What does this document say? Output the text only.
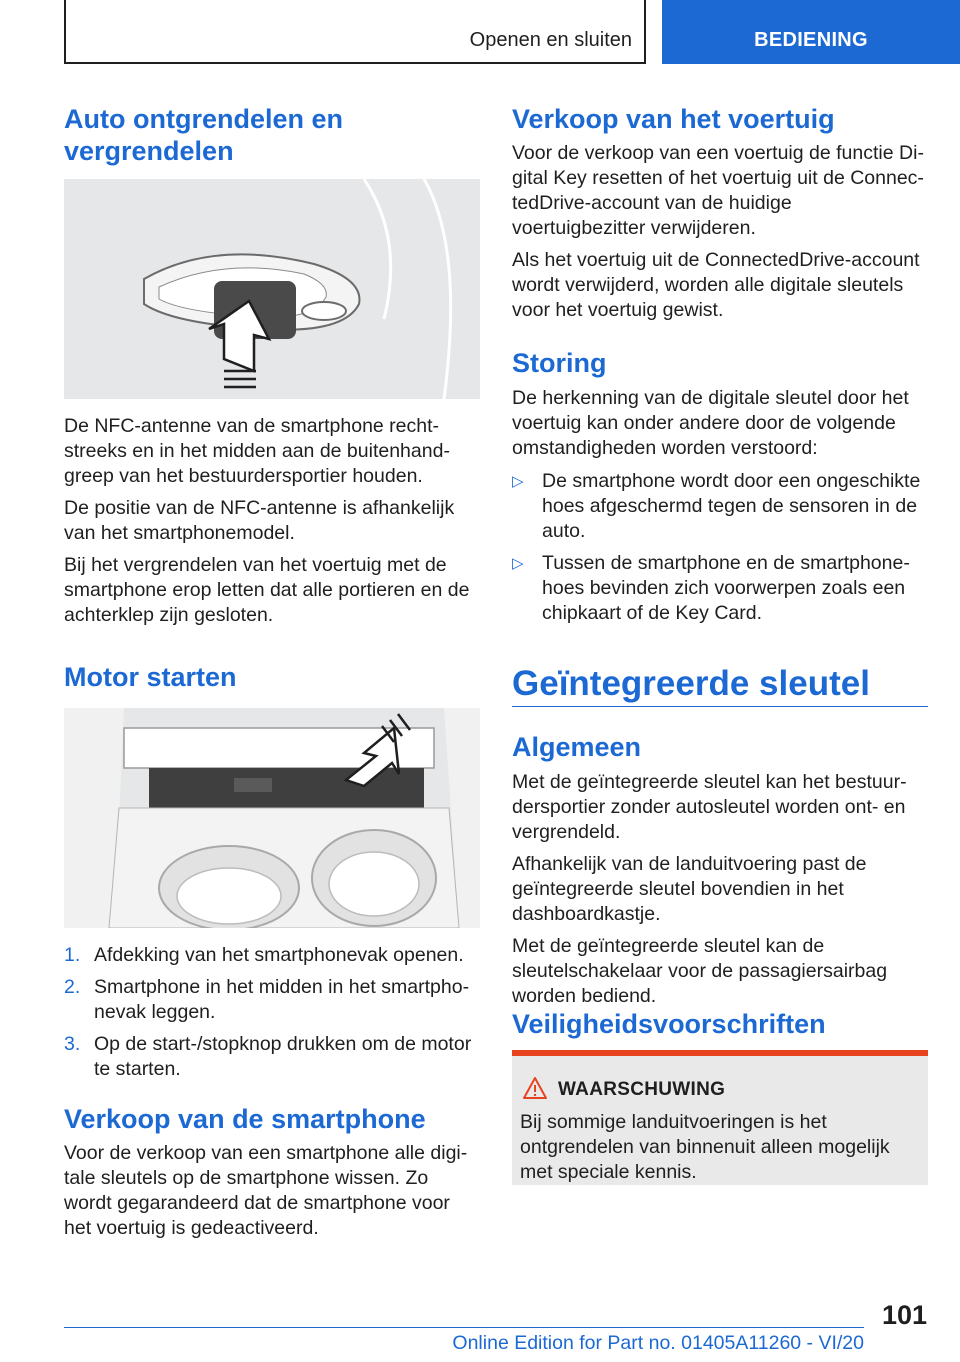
Openen en sluiten	BEDIENING
Auto ontgrendelen en vergrendelen

De NFC-antenne van de smartphone rechtstreeks en in het midden aan de buitenhandgreep van het bestuurdersportier houden.

De positie van de NFC-antenne is afhankelijk van het smartphonemodel.

Bij het vergrendelen van het voertuig met de smartphone erop letten dat alle portieren en de achterklep zijn gesloten.

Motor starten
1. Afdekking van het smartphonevak openen.
2. Smartphone in het midden in het smartphonevak leggen.
3. Op de start-/stopknop drukken om de motor te starten.
Verkoop van de smartphone

Voor de verkoop van een smartphone alle digitale sleutels op de smartphone wissen. Zo wordt gegarandeerd dat de smartphone voor het voertuig is gedeactiveerd.

Verkoop van het voertuig

Voor de verkoop van een voertuig de functie Digital Key resetten of het voertuig uit de ConnectedDrive-account van de huidige voertuigbezitter verwijderen.

Als het voertuig uit de ConnectedDrive-account wordt verwijderd, worden alle digitale sleutels voor het voertuig gewist.

Storing

De herkenning van de digitale sleutel door het voertuig kan onder andere door de volgende omstandigheden worden verstoord:

▷ De smartphone wordt door een ongeschikte hoes afgeschermd tegen de sensoren in de auto.
▷ Tussen de smartphone en de smartphonehoes bevinden zich voorwerpen zoals een chipkaart of de Key Card.
Geïntegreerde sleutel
Algemeen

Met de geïntegreerde sleutel kan het bestuurdersportier zonder autosleutel worden ont- en vergrendeld.

Afhankelijk van de landuitvoering past de geïntegreerde sleutel bovendien in het dashboardkastje.

Met de geïntegreerde sleutel kan de sleutelschakelaar voor de passagiersairbag worden bediend.

Veiligheidsvoorschriften
WAARSCHUWING
Bij sommige landuitvoeringen is het ontgrendelen van binnenuit alleen mogelijk met speciale kennis.
101
Online Edition for Part no. 01405A11260 - VI/20
